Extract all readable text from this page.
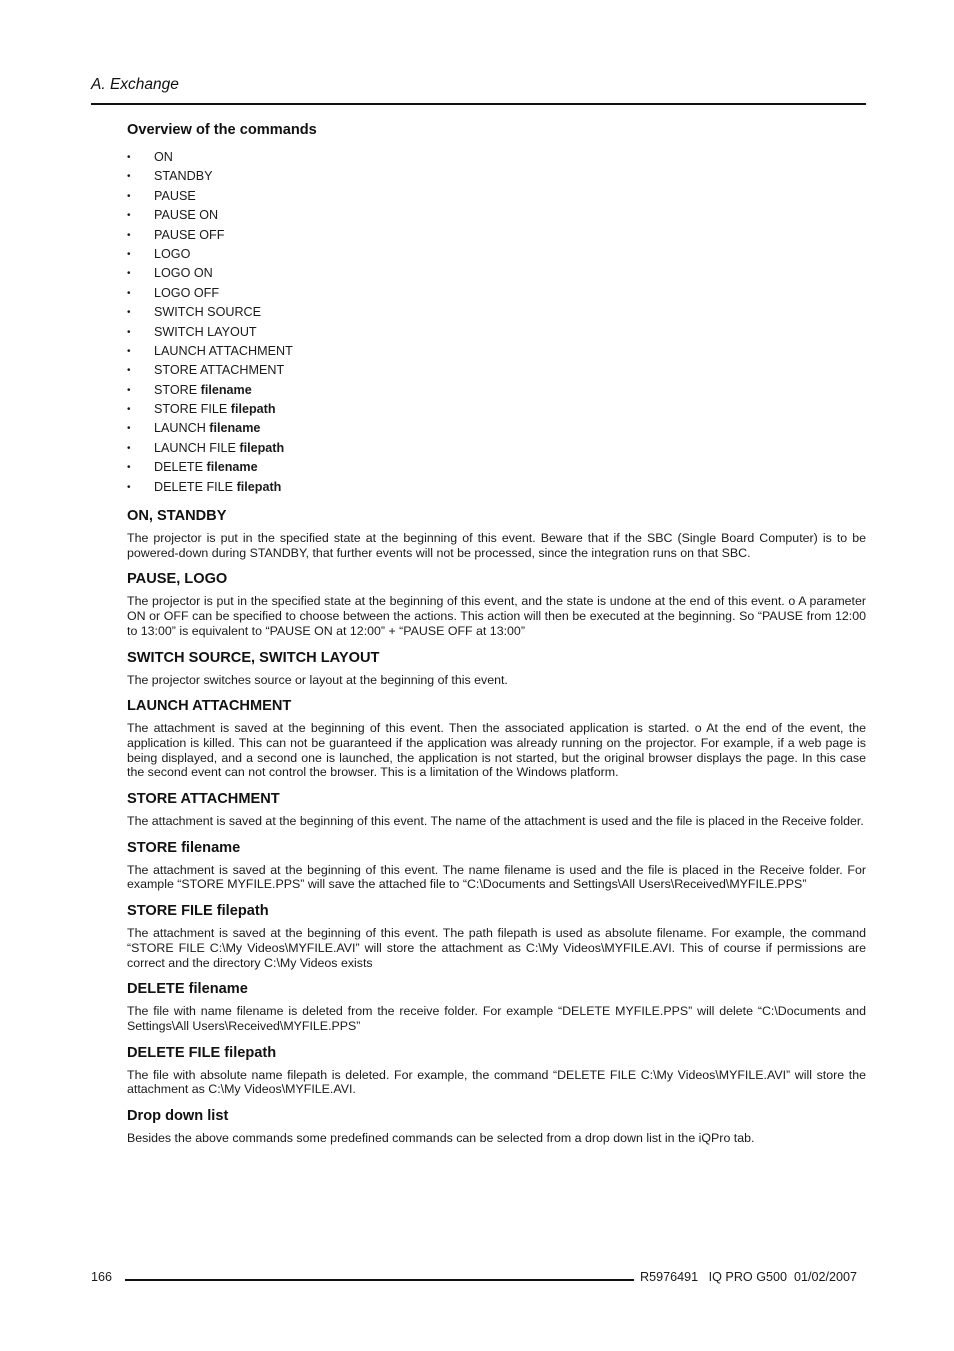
A. Exchange
Overview of the commands
• ON
• STANDBY
• PAUSE
• PAUSE ON
• PAUSE OFF
• LOGO
• LOGO ON
• LOGO OFF
• SWITCH SOURCE
• SWITCH LAYOUT
• LAUNCH ATTACHMENT
• STORE ATTACHMENT
• STORE filename
• STORE FILE filepath
• LAUNCH filename
• LAUNCH FILE filepath
• DELETE filename
• DELETE FILE filepath
ON, STANDBY

The projector is put in the specified state at the beginning of this event. Beware that if the SBC (Single Board Computer) is to be powered-down during STANDBY, that further events will not be processed, since the integration runs on that SBC.

PAUSE, LOGO

The projector is put in the specified state at the beginning of this event, and the state is undone at the end of this event. o A parameter ON or OFF can be specified to choose between the actions. This action will then be executed at the beginning. So “PAUSE from 12:00 to 13:00” is equivalent to “PAUSE ON at 12:00” + “PAUSE OFF at 13:00”

SWITCH SOURCE, SWITCH LAYOUT

The projector switches source or layout at the beginning of this event.

LAUNCH ATTACHMENT

The attachment is saved at the beginning of this event. Then the associated application is started. o At the end of the event, the application is killed. This can not be guaranteed if the application was already running on the projector. For example, if a web page is being displayed, and a second one is launched, the application is not started, but the original browser displays the page. In this case the second event can not control the browser. This is a limitation of the Windows platform.

STORE ATTACHMENT

The attachment is saved at the beginning of this event. The name of the attachment is used and the file is placed in the Receive folder.

STORE filename

The attachment is saved at the beginning of this event. The name filename is used and the file is placed in the Receive folder. For example “STORE MYFILE.PPS” will save the attached file to “C:\Documents and Settings\All Users\Received\MYFILE.PPS”

STORE FILE filepath

The attachment is saved at the beginning of this event. The path filepath is used as absolute filename. For example, the command “STORE FILE C:\My Videos\MYFILE.AVI” will store the attachment as C:\My Videos\MYFILE.AVI. This of course if permissions are correct and the directory C:\My Videos exists

DELETE filename

The file with name filename is deleted from the receive folder. For example “DELETE MYFILE.PPS” will delete “C:\Documents and Settings\All Users\Received\MYFILE.PPS”

DELETE FILE filepath

The file with absolute name filepath is deleted. For example, the command “DELETE FILE C:\My Videos\MYFILE.AVI” will store the attachment as C:\My Videos\MYFILE.AVI.

Drop down list

Besides the above commands some predefined commands can be selected from a drop down list in the iQPro tab.

166	R5976491   IQ PRO G500  01/02/2007
